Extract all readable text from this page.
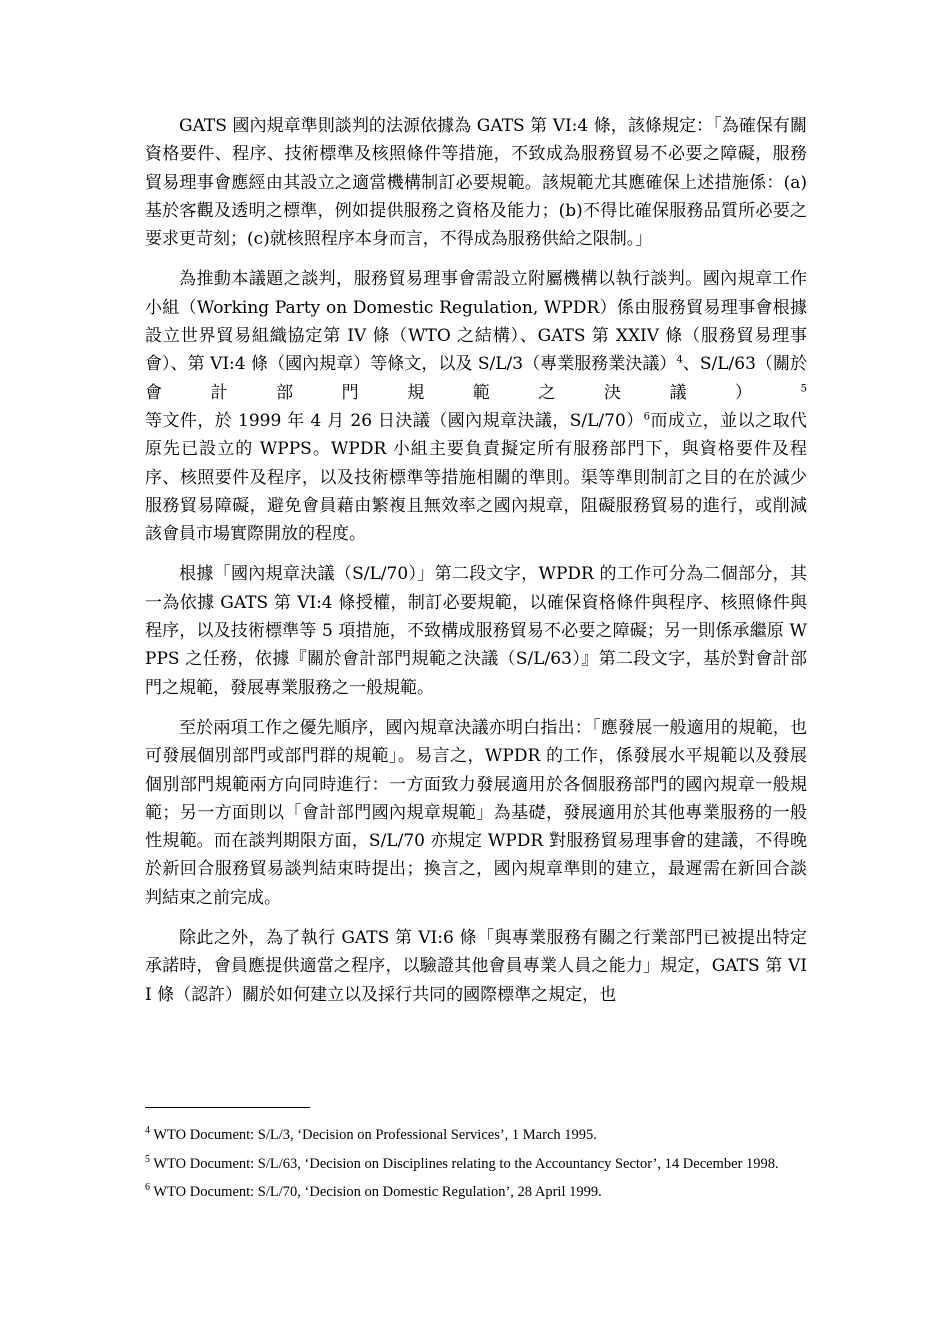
GATS 國內規章準則談判的法源依據為 GATS 第 VI:4 條，該條規定：「為確保有關資格要件、程序、技術標準及核照條件等措施，不致成為服務貿易不必要之障礙，服務貿易理事會應經由其設立之適當機構制訂必要規範。該規範尤其應確保上述措施係：(a)基於客觀及透明之標準，例如提供服務之資格及能力；(b)不得比確保服務品質所必要之要求更苛刻；(c)就核照程序本身而言，不得成為服務供給之限制。」

為推動本議題之談判，服務貿易理事會需設立附屬機構以執行談判。國內規章工作小組（Working Party on Domestic Regulation, WPDR）係由服務貿易理事會根據設立世界貿易組織協定第 IV 條（WTO 之結構）、GATS 第 XXIV 條（服務貿易理事會）、第 VI:4 條（國內規章）等條文，以及 S/L/3（專業服務業決議）$^4$、S/L/63（關於會計部門規範之決議）$^5$等文件，於 1999 年 4 月 26 日決議（國內規章決議，S/L/70）$^6$而成立，並以之取代原先已設立的 WPPS。WPDR 小組主要負責擬定所有服務部門下，與資格要件及程序、核照要件及程序，以及技術標準等措施相關的準則。渠等準則制訂之目的在於減少服務貿易障礙，避免會員藉由繁複且無效率之國內規章，阻礙服務貿易的進行，或削減該會員市場實際開放的程度。

根據「國內規章決議（S/L/70）」第二段文字，WPDR 的工作可分為二個部分，其一為依據 GATS 第 VI:4 條授權，制訂必要規範，以確保資格條件與程序、核照條件與程序，以及技術標準等 5 項措施，不致構成服務貿易不必要之障礙；另一則係承繼原 WPPS 之任務，依據『關於會計部門規範之決議（S/L/63）』第二段文字，基於對會計部門之規範，發展專業服務之一般規範。

至於兩項工作之優先順序，國內規章決議亦明白指出：「應發展一般適用的規範，也可發展個別部門或部門群的規範」。易言之，WPDR 的工作，係發展水平規範以及發展個別部門規範兩方向同時進行：一方面致力發展適用於各個服務部門的國內規章一般規範；另一方面則以「會計部門國內規章規範」為基礎，發展適用於其他專業服務的一般性規範。而在談判期限方面，S/L/70 亦規定 WPDR 對服務貿易理事會的建議，不得晚於新回合服務貿易談判結束時提出；換言之，國內規章準則的建立，最遲需在新回合談判結束之前完成。

除此之外，為了執行 GATS 第 VI:6 條「與專業服務有關之行業部門已被提出特定承諾時，會員應提供適當之程序，以驗證其他會員專業人員之能力」規定，GATS 第 VII 條（認許）關於如何建立以及採行共同的國際標準之規定，也

$^4$ WTO Document: S/L/3, ‘Decision on Professional Services’, 1 March 1995.

$^5$ WTO Document: S/L/63, ‘Decision on Disciplines relating to the Accountancy Sector’, 14 December 1998.

$^6$ WTO Document: S/L/70, ‘Decision on Domestic Regulation’, 28 April 1999.
